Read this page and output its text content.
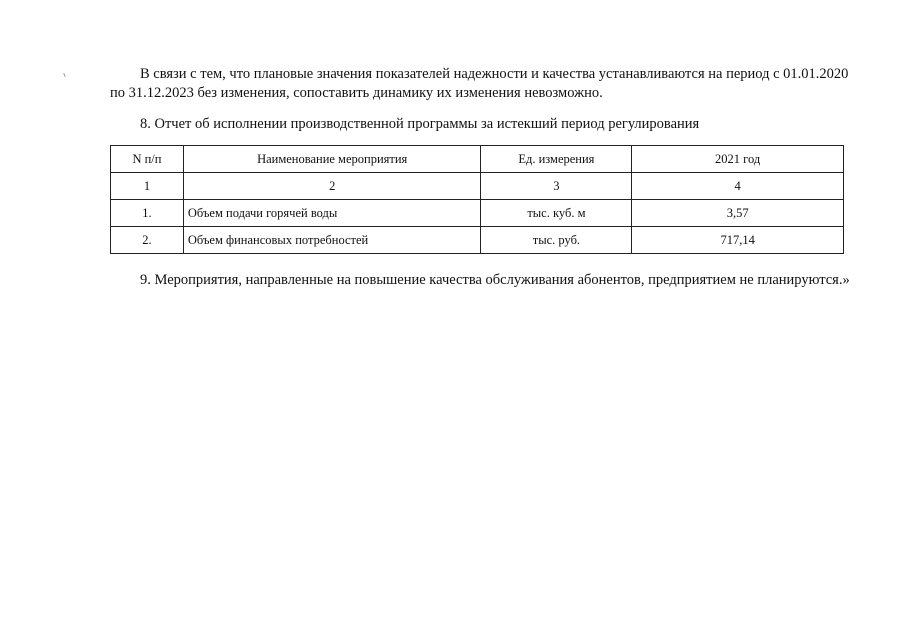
В связи с тем, что плановые значения показателей надежности и качества устанавливаются на период с 01.01.2020
по 31.12.2023 без изменения, сопоставить динамику их изменения невозможно.
8. Отчет об исполнении производственной программы за истекший период регулирования
N п/п	Наименование мероприятия	Ед. измерения	2021 год
1	2	3	4
1.	Объем подачи горячей воды	тыс. куб. м	3,57
2.	Объем финансовых потребностей	тыс. руб.	717,14
9. Мероприятия, направленные на повышение качества обслуживания абонентов, предприятием не планируются.»
